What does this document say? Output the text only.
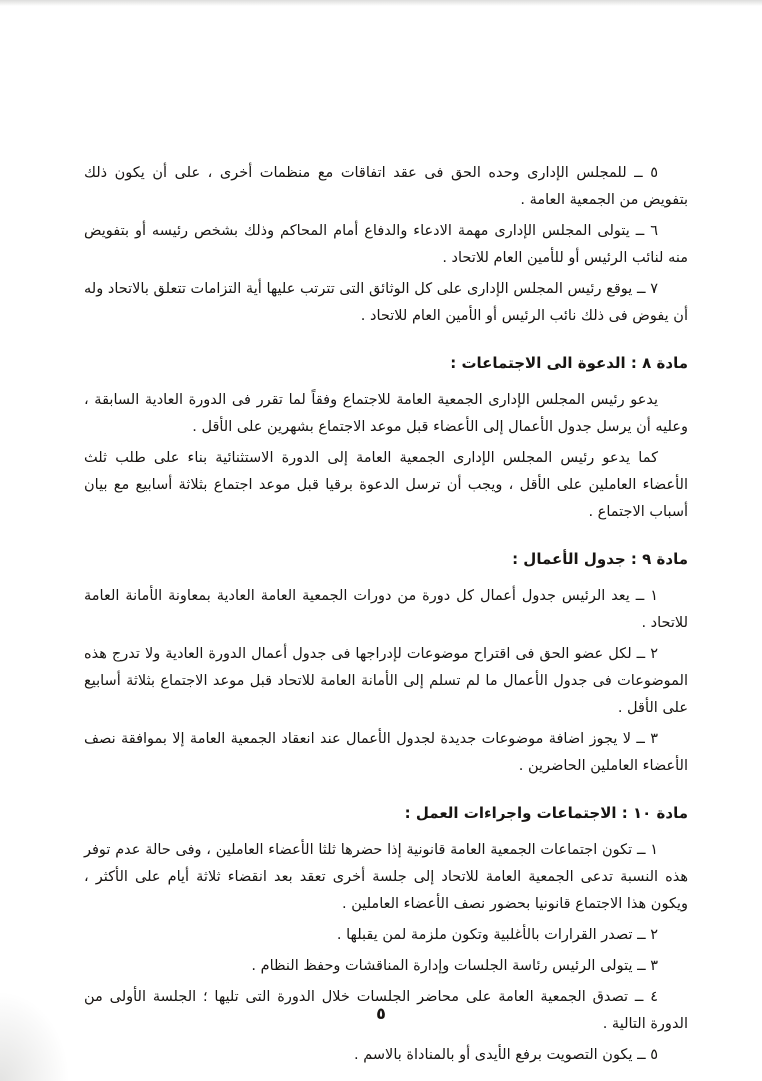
٥ ــ للمجلس الإدارى وحده الحق فى عقد اتفاقات مع منظمات أخرى ، على أن يكون ذلك بتفويض من الجمعية العامة .

٦ ــ يتولى المجلس الإدارى مهمة الادعاء والدفاع أمام المحاكم وذلك بشخص رئيسه أو بتفويض منه لنائب الرئيس أو للأمين العام للاتحاد .

٧ ــ يوقع رئيس المجلس الإدارى على كل الوثائق التى تترتب عليها أية التزامات تتعلق بالاتحاد وله أن يفوض فى ذلك نائب الرئيس أو الأمين العام للاتحاد .

مادة ٨ : الدعوة الى الاجتماعات :

يدعو رئيس المجلس الإدارى الجمعية العامة للاجتماع وفقاً لما تقرر فى الدورة العادية السابقة ، وعليه أن يرسل جدول الأعمال إلى الأعضاء قبل موعد الاجتماع بشهرين على الأقل .

كما يدعو رئيس المجلس الإدارى الجمعية العامة إلى الدورة الاستثنائية بناء على طلب ثلث الأعضاء العاملين على الأقل ، ويجب أن ترسل الدعوة برقيا قبل موعد اجتماع بثلاثة أسابيع مع بيان أسباب الاجتماع .

مادة ٩ : جدول الأعمال :

١ ــ يعد الرئيس جدول أعمال كل دورة من دورات الجمعية العامة العادية بمعاونة الأمانة العامة للاتحاد .

٢ ــ لكل عضو الحق فى اقتراح موضوعات لإدراجها فى جدول أعمال الدورة العادية ولا تدرج هذه الموضوعات فى جدول الأعمال ما لم تسلم إلى الأمانة العامة للاتحاد قبل موعد الاجتماع بثلاثة أسابيع على الأقل .

٣ ــ لا يجوز اضافة موضوعات جديدة لجدول الأعمال عند انعقاد الجمعية العامة إلا بموافقة نصف الأعضاء العاملين الحاضرين .

مادة ١٠ : الاجتماعات واجراءات العمل :

١ ــ تكون اجتماعات الجمعية العامة قانونية إذا حضرها ثلثا الأعضاء العاملين ، وفى حالة عدم توفر هذه النسبة تدعى الجمعية العامة للاتحاد إلى جلسة أخرى تعقد بعد انقضاء ثلاثة أيام على الأكثر ، ويكون هذا الاجتماع قانونيا بحضور نصف الأعضاء العاملين .

٢ ــ تصدر القرارات بالأغلبية وتكون ملزمة لمن يقبلها .

٣ ــ يتولى الرئيس رئاسة الجلسات وإدارة المناقشات وحفظ النظام .

٤ ــ تصدق الجمعية العامة على محاضر الجلسات خلال الدورة التى تليها ؛ الجلسة الأولى من الدورة التالية .

٥ ــ يكون التصويت برفع الأيدى أو بالمناداة بالاسم .

٥
